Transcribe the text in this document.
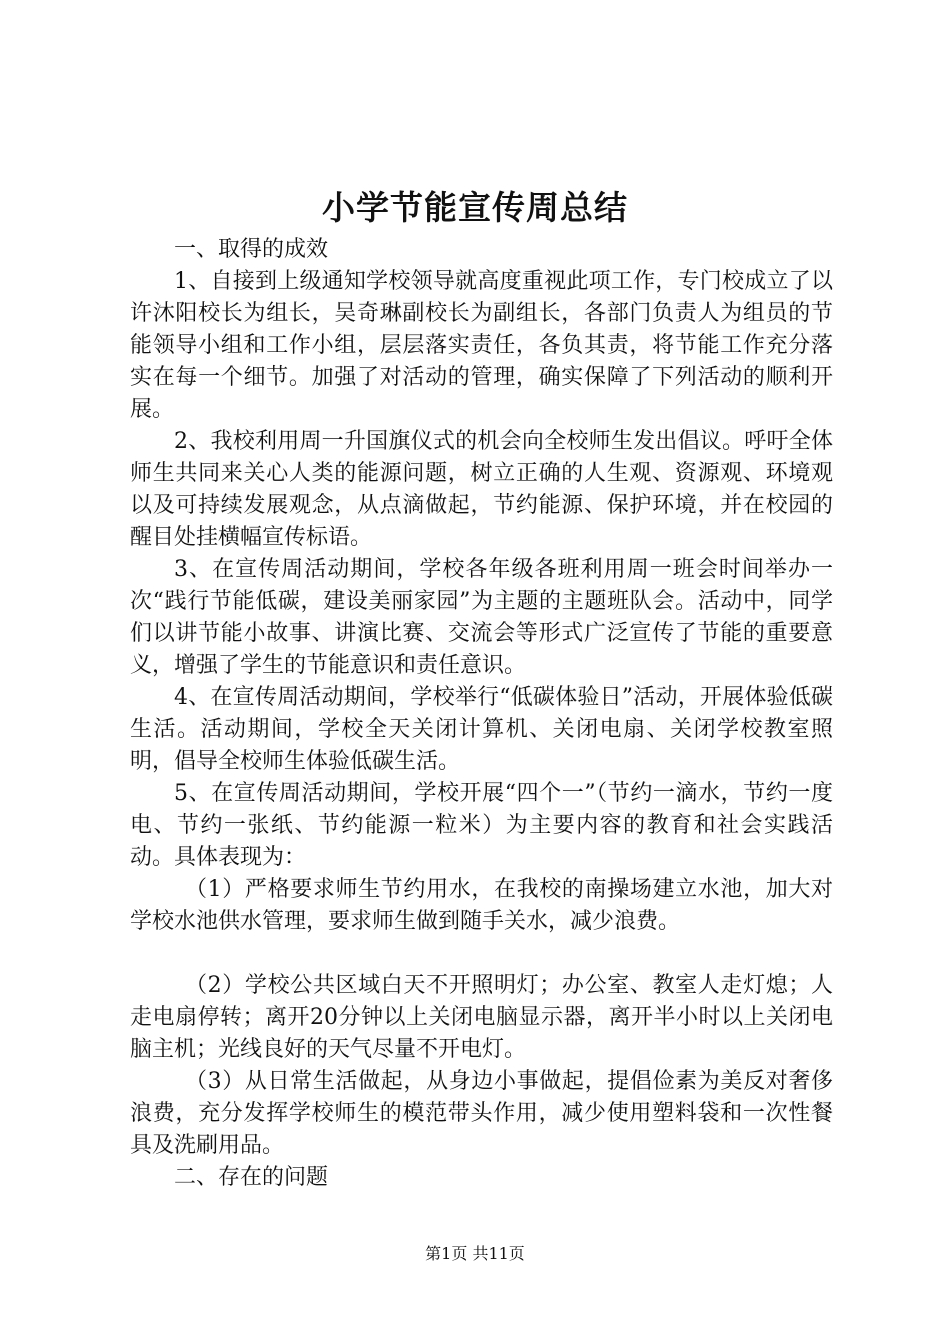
小学节能宣传周总结

一、取得的成效

1、自接到上级通知学校领导就高度重视此项工作，专门校成立了以许沐阳校长为组长，吴奇琳副校长为副组长，各部门负责人为组员的节能领导小组和工作小组，层层落实责任，各负其责，将节能工作充分落实在每一个细节。加强了对活动的管理，确实保障了下列活动的顺利开展。

2、我校利用周一升国旗仪式的机会向全校师生发出倡议。呼吁全体师生共同来关心人类的能源问题，树立正确的人生观、资源观、环境观以及可持续发展观念，从点滴做起，节约能源、保护环境，并在校园的醒目处挂横幅宣传标语。

3、在宣传周活动期间，学校各年级各班利用周一班会时间举办一次“践行节能低碳，建设美丽家园”为主题的主题班队会。活动中，同学们以讲节能小故事、讲演比赛、交流会等形式广泛宣传了节能的重要意义，增强了学生的节能意识和责任意识。

4、在宣传周活动期间，学校举行“低碳体验日”活动，开展体验低碳生活。活动期间，学校全天关闭计算机、关闭电扇、关闭学校教室照明，倡导全校师生体验低碳生活。

5、在宣传周活动期间，学校开展“四个一”（节约一滴水，节约一度电、节约一张纸、节约能源一粒米）为主要内容的教育和社会实践活动。具体表现为：

（1）严格要求师生节约用水，在我校的南操场建立水池，加大对学校水池供水管理，要求师生做到随手关水，减少浪费。

（2）学校公共区域白天不开照明灯；办公室、教室人走灯熄；人走电扇停转；离开20分钟以上关闭电脑显示器，离开半小时以上关闭电脑主机；光线良好的天气尽量不开电灯。

（3）从日常生活做起，从身边小事做起，提倡俭素为美反对奢侈浪费，充分发挥学校师生的模范带头作用，减少使用塑料袋和一次性餐具及洗刷用品。

二、存在的问题

第1页 共11页
